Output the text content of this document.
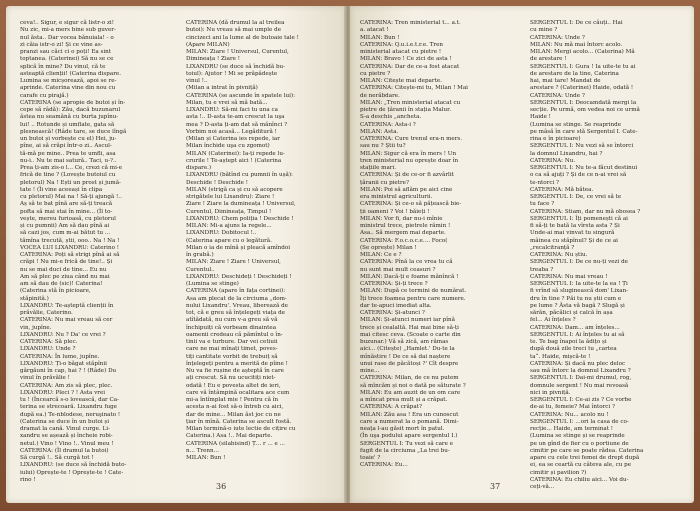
ceva!.. Sigur, e sigur că listr-o zi!
Nu zic, mi-a mers bine sub guver-
nul ăsta.. Dar vocea bănuiala! - o
zi căia istr-o zi! Și ce vine as-
pranzi sau căci ci o poți! Ea sint
toptanea. (Caterinei) Să nu se ce
splică în mine? Du vinul, că te
asteaptă clienții! (Caterina dispare.
Lumina se micșorează, apoi se re-
aprinde. Caterina vine din nou cu
carafe cu pirajă.)
CATERINA (se apropie de butoi și în-
cepe să râdă): Zău, dacă buzunarul
ăstea nu seamănă cu burta jupînu-
lui! .. Rotunde și umflate, gata să
plesnească! (Râde tare, se duce lîngă
un butoi și vorbește cu el) Hei, ju-
pîne, ai să crăpi într-o zi.. Ascul-
tă-mă pe mine.. Prea te umfli, asa
nu-i.. Nu te mai satură.. Taci, u-?..
Prea ți-am zis-o l... Ce, crezi că mi-e
frică de tine ? (Lovește butoiul cu
pletorul) Na ! Ești un prost și jumă-
tate ! (Îi vine aceeași în clipa
cu pletorul) Mai na ! Să-ți ajungă !..
Aș să te bat pînă are să-ți treacă
pofta să mai stai în mine... (Îl to-
vește, mereu furioasă, cu pletorul
și cu pumnii) Am să dau pînă ai
să cazi jos, cum m-ai bătut tu ...
tămîna trecută, știi, ooo.. Na ! Na !
VOCEA LUI LIXANDRU: Caterino !
CATERINA: Poți să strigi pînă ai să
crăpi ! Nu mi-e frică de tine!.. Și
nu se mai duci de tine... Eu nu
Am să plec pe ziua când nu mai
am să dau de (sic)! Caterina!
(Caterina stă în picioare,
stăpinită.)
LIXANDRU: Te-așteptă clienții în
prăvălie, Caterino.
CATERINA: Nu mai vreau să cer
vin, jupîne.
LIXANDRU: Nu ? Da' ce vrei ?
CATERINA: Să plec.
LIXANDRU: Unde ?
CATERINA: În lume, jupîne.
LIXANDRU: Ți-o băgat stăpînii
gărgăuni în cap, hai ? ! (Râde) Du
vinul în prăvălie !
CATERINA: Am zis să plec, plec.
LIXANDRU: Pleci ? ! Asta vrei
tu ! (Încearcă s-o lovească, dar Ca-
terina se strecoară. Lixandru fuge
după ea.) Te-nblodese, neruşinato !
(Caterina se duce în un butoi și
dramat la cană. Vinul curge. Li-
xandru se așează și încheie robi-
netul.) Vino ! Vino !.. Vinul meu !
CATERINA: (Îl dramul la butoi)
Să curgă !.. Să curgă tot !
LIXANDRU: (se duce să închidă buto-
iului) Oprește-te ! Oprește-te ! Cate-
rino !
CATERINA (dă drumul la al treilea
butoi): Nu vreau să mai umple de
cincizeci ani la lume al de butoaie tale !
(Apare MILAN)
MILAN: Ziare ! Universul, Curentul,
Dimineața ! Ziare !
LIXANDRU (se duce să închidă bu-
toiul): Ajutor ! Mi se prăpădește
vinul !..
(Milan a intrat în pivniță)
CATERINA (se ascunde în spatele lui):
Milan, tu e vrei să mă bată...
LIXANDRU: Să-mi faci tu una ca
asta !.. D-asta te-am crescut la uşa
mea ? D-asta ți-am dat să mănînci ?
Vorbim noi acasă... Legăditură !
(Milan și Caterina ies repede, iar
Milan închide uşa cu zgomot)
MILAN (Caterinei): Ia-ți repede lu-
crurile ! Te-aștept aici ! (Caterina
dispare.)
LIXANDRU (bătînd cu pumnii în ușă):
Deschide ! Deschide !
MILAN (strigă ca și cu să acopere
strigătele lui Lixandru): Ziare !
Ziare ! Ziare la dumineața ! Universul,
Curentul, Dimineața, Timpul !
LIXANDRU: Chem poliția ! Deschide !
MILAN: Mi-a ajuns la regele...
LIXANDRU: Dobitocul !..
(Caterina apare cu o legătură.
Milan o ia de mînă și pleacă amîndoi
în grabă.)
MILAN: Ziare ! Ziare ! Universul,
Curentul..
LIXANDRU: Deschideți ! Deschideți !
(Lumina se stinge)
CATERINA (apare în fața cortinei):
Asa am plecat de la circiuma „dom-
nului Lixandru'. Vreau, liberează de
tot, că e greu să înțelegeți viața de
atîtădată, nu cum v-a greu să vă
închipuiți că vorbeam dinaintea
oamenii credeau că pămîntul o în-
tinii va e turbure. Dar vei cetiuii
care ne mai mînați timet, poves-
tiți cantitate vorbit de trebuiț să
înțelegeți pentru a merită de pîine !
Nu va fie rușine de așteptă în care
ați crescut. Să nu ucucitiți niet-
odată ! Eu e povesta altet de ieri,
care vă întâmpină ocalitara ace cum
mi-a întîmplat mie ! Pentru că în
acesta n-ai fost să-o întreb cu aici,
dar de mine... Milan ăst joc cu ne
țiar în mînă. Caterina se ascult fostă.
Milan termină-o iute lectie de cițire cu
Caterina.) Asa !.. Mai departe.
CATERINA (silabisind) Ț... r ... e ...
n... Trenn...
MILAN: Bun !
36
CATERINA: Tren ministerial t... a.t.
a. atacat !
MILAN: Bun !
CATERINA: Q.u.i.e.t.r.e. Tren
ministerial atacat cu pietre !
MILAN: Bravo ! Ce zici de asta !
CATERINA: Dar de ce-a fost atacat
cu pietre ?
MILAN: Citește mai departe.
CATERINA: Citește-mi tu, Milan ! Mai
de nerăbdare.
MILAN: „Tren ministerial atacat cu
pietre de țăranii în stația Malur.
S-a deschis „ancheta.
CATERINA: Asta-i ?
MILAN: Asta.
CATERINA: Cure trenul era-n mers.
sau nu ? Știi tu?
MILAN: Sigur că era în mers ! Un
tren ministerial nu oprește doar în
stațiile mari.
CATERINA: Și de ce-or fi azvârlit
țăranii cu pietre?
MILAN: Poi să aflăm pe aici cine
era ministrul agriculturii.
CATERINA: Și ce-o să pățească bie-
ții oameni ? Voi ! băieți !
MILAN: Vor fi, dar nu-i mînie
ministrul trece, pietrele rămin !
Asa.. Să mergem mai departe.
CATERINA: F.o.c.o.c.e.... Foco(
(Se oprește) Milan !
MILAN: Ce e ?
CATERINA: Pînă la ce vrea tu că
nu sunt mai mult ceasuri ?
MILAN: Dacă-ți e foame mănîncă !
CATERINA: Și-ți trece ?
MILAN: După ce termini de numărat.
Îți trece foamea pentru care numere.
dar te-apuci imediat alta.
CATERINA: Și-atunci ?
MILAN: Și-atunci numeri iar pînă
trece și cealaltă. Hai mai bine să-ți
mai citesc ceva. (Scoate o carte din
buzunar.) Vă să zică, am rămas
aici... (Citește) „Hamlet.' Du-te la
mînăstire ! De ce să dai naștere
unui rase de păcătoși ?' Cît despre
mine...
CATERINA: Milan, de ce nu putem
să mîncăm și noi o dată pe săturate ?
MILAN: Eu am auzit de un om care
a mîncat prea mult și a crăpat.
CATERINA: A crăpat?
MILAN: Zău asa ! Era un cunoscut
care a numerat la o pomană. Dimi-
neața l-au găsit mort în patul.
(În uşa podului apare sergentul I.)
SERGENTUL I: Tu vezi să care e
fugit de la circiuma „La trei bu-
toaie' ?
CATERINA: Eu...
SERGENTUL I: De ce căuți.. Hai
cu mine ?
CATERINA: Unde ?
MILAN: Nu mă mai întorc acolo.
MILAN: Mergi acolo... (Caterina) Mă
de arestare !
SERGENTUL I: Gura ! Ia uite-te tu ai
de arestare de la tine, Caterina
hai, mai tare! Mandat de
arestare ? (Caterinei) Haide, odată !
CATERINA: Unde ?
SERGENTUL I: Deocamdată mergi la
secție. Pe urmă, om vedea noi ce urmă
Haide !
(Lumina se stinge. Se reaprinde
pe mâsă în care stă Sergentul I. Cate-
rina e în picioare)
SERGENTUL I: Nu vezi să se întorci
la domnul Lixandru, hai ?
CATERINA: Nu.
SERGENTUL I: Nu te-a făcut destinui
o ca să ajuți ? Și de ce n-ai vrei să
te-ntorci ?
CATERINA: Mă bătea.
SERGENTUL I: De, ce vrei să te
tu face ?
CATERINA: Stiam, dar nu mă obosea ?
SERGENTUL I: Îți pomenești că ai
fi să-ți te bată la vîrsta asta ? Și
Unde-ai mai vinvat tu singură
mâinea cu stăpînul? Și de ce ai
„recalcitranță ?
CATERINA: Nu știu.
SERGENTUL I: De ce nu-ți vezi de
treaba ?
CATERINA: Nu mai vreau !
SERGENTUL I: Ia uite-te la ea ! Ți
fi vrînd să sluginească dom' Lixan-
dru în tine ? Păi tu nu știi cum e
pe lume ? Ăsta vă bagă ? Slugă și
sărăn, păcălici și calcă în așa
fel... Ai înțeles ?
CATERINA: Dam... am înțeles...
SERGENTUL I: Ai înțeles tu ai să
te. Te bag înapoi la ădițo și
după două zile treci tu „cartea
ta“. Haide, mișcă-te !
CATERINA: Și dacă nu plec deloc
sau mă întorc la domnul Lixandru ?
SERGENTUL I: Dai-mi drumul, rog,
domnule sergent ! Nu mai revoasă
nici in pivniță.
SERGENTUL I: Ce-ai zis ? Ce vorbe
de-ai tu, femeie? Mai întorci ?
CATERINA: Nu... acolo nu !
SERGENTUL I: ...ori la casa de co-
recție... Haide, am terminat !
(Lumina se stinge și se reaprinde
pe un gînd de fier cu o portiune de
cimitir pe care se poate rădea. Caterina
apare cu cele trei femei de drept după
ei, ea se ceartă cu câteva ale, cu pe
cimitir și pavilion ?)
CATERINA: Eu chiliu aici... Voi du-
ceți-vă...
37
